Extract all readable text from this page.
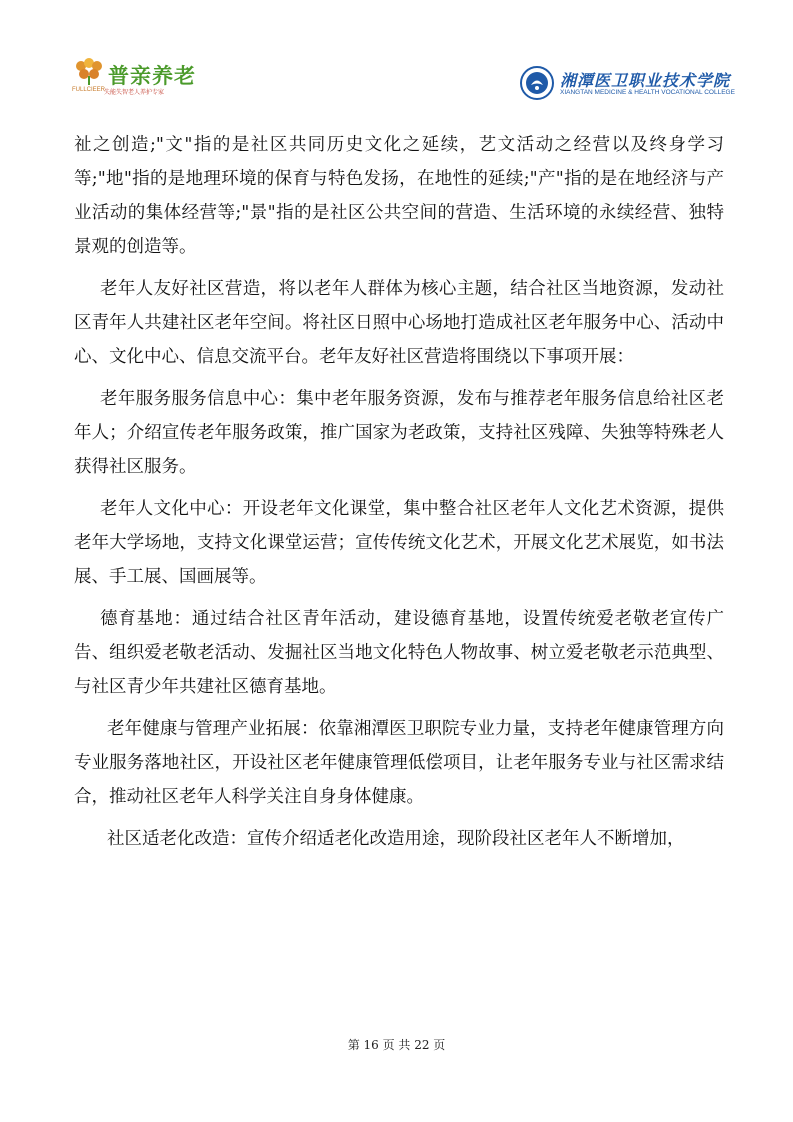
普亲养老
FULLCIEER
失能失智老人养护专家
湘潭医卫职业技术学院
XIANGTAN MEDICINE & HEALTH VOCATIONAL COLLEGE

祉之创造;"文"指的是社区共同历史文化之延续，艺文活动之经营以及终身学习等;"地"指的是地理环境的保育与特色发扬，在地性的延续;"产"指的是在地经济与产业活动的集体经营等;"景"指的是社区公共空间的营造、生活环境的永续经营、独特景观的创造等。

老年人友好社区营造，将以老年人群体为核心主题，结合社区当地资源，发动社区青年人共建社区老年空间。将社区日照中心场地打造成社区老年服务中心、活动中心、文化中心、信息交流平台。老年友好社区营造将围绕以下事项开展：

老年服务服务信息中心：集中老年服务资源，发布与推荐老年服务信息给社区老年人；介绍宣传老年服务政策，推广国家为老政策，支持社区残障、失独等特殊老人获得社区服务。

老年人文化中心：开设老年文化课堂，集中整合社区老年人文化艺术资源，提供老年大学场地，支持文化课堂运营；宣传传统文化艺术，开展文化艺术展览，如书法展、手工展、国画展等。

德育基地：通过结合社区青年活动，建设德育基地，设置传统爱老敬老宣传广告、组织爱老敬老活动、发掘社区当地文化特色人物故事、树立爱老敬老示范典型、与社区青少年共建社区德育基地。

老年健康与管理产业拓展：依靠湘潭医卫职院专业力量，支持老年健康管理方向专业服务落地社区，开设社区老年健康管理低偿项目，让老年服务专业与社区需求结合，推动社区老年人科学关注自身身体健康。

社区适老化改造：宣传介绍适老化改造用途，现阶段社区老年人不断增加，

第 16 页 共 22 页
